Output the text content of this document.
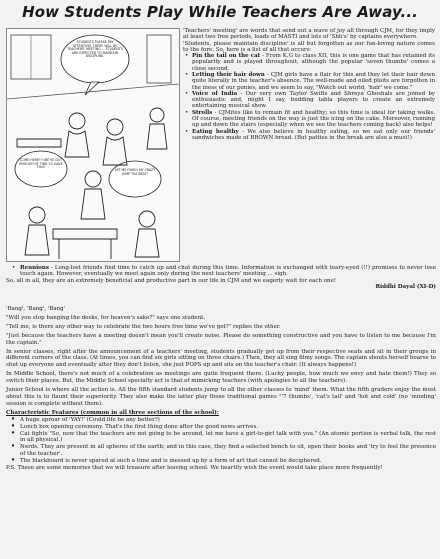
How Students Play While Teachers Are Away...
STUDENTS PLEASE PAY ATTENTION. THERE WILL BE TEACHERS' MEETING ... STUDENTS ARE EXPECTED TO MAINTAIN DISCIPLINE.
COME HERE!!! WE'VE GOT ENOUGH OF TIME TO HAVE FUN!
LET ME FINISH MY CRAZY JUMP THE BEAT!

'Teachers' meeting' are words that send out a wave of joy all through CJM, for they imply at least two free periods, loads of MASTI and lots of 'Shh's' by captains everywhere.

'Students, please maintain discipline' is all but forgotten as our fun-loving nature comes to the fore. So, here is a list of all that occurs:

• Pin the tail on the cat - From K.G to class XII, this is one game that has retained its popularity and is played throughout, although the popular 'seven thumbs' comes a close second.
• Letting their hair down - CJM girls have a flair for this and they let their hair down quite literally in the teacher's absence. The well-made and oiled plaits are forgotten in the mess of our ponies, and we seem to say, "Watch out world, 'hair' we come."
• Voice of India - Our very own Taylor Swifts and Shreya Ghoshals are joined by enthusiastic and, might I say, budding tabla players to create an extremely entertaining musical show.
• Strolls - CJMites like to remain fit and healthy; so this time is ideal for taking walks. Of course, meeting friends on the way is just the icing on the cake. Moreover, running up and down the stairs (especially when we see the teachers coming back) also helps!
• Eating healthy - We also believe in healthy eating, so we eat only our friends' sandwiches made of BROWN bread. (But patties in the break are also a must!)
• Reunions - Long-lost friends find time to catch up and chat during this time. Information is exchanged with teary-eyed (!!) promises to never lose touch again. However, eventually we meet again only during the next teachers' meeting ... sigh.

So, all in all, they are an extremely beneficial and productive part in our life in CJM and we eagerly wait for each one!

Riddhi Dayal (XI-D)

'Bang', 'Bang', 'Bang'

"Will you stop banging the desks, for heaven's sake?" says one student.

"Tell me, is there any other way to celebrate the two hours free time we've got?" replies the other.

"Just because the teachers have a meeting doesn't mean you'll create noise. Please do something constructive and you have to listen to me because I'm the captain."

In senior classes, right after the announcement of a teachers' meeting, students gradually get up from their respective seats and sit in their groups in different corners of the class. (At times, you can find six girls sitting on three chairs.) Then, they all sing filmy songs. The captain shouts herself hoarse to shut up everyone and eventually after they don't listen, she just POPS up and sits on the teacher's chair. (It always happens!)

In Middle School, there's not much of a celebration as meetings are quite frequent there. (Lucky people, how much we envy and hate them!) They so switch their places. But, the Middle School specialty act is that of mimicking teachers (with apologies to all the teachers).

Junior School is where all the action is. All the fifth standard students jump to all the other classes to 'mind' them. What the fifth graders enjoy the most about this is to flaunt their superiority. They also make the latter play those traditional games "'7 thumbs', 'cat's tail' and 'hot and cold' (no 'minding' session is complete without them).

Characteristic Features (common in all three sections of the school):

♦ A huge uproar of 'YAY!' (Could life be any better?)
♦ Lunch box opening ceremony. That's the first thing done after the good news arrives.
♦ Cat fights "So, now that the teachers are not going to be around, let me have a girl-to-girl talk with you." (An atomic portion is verbal talk, the rest in all physical.)
♦ Nerds. They are present in all spheres of the earth; and in this case, they find a selected bench to sit, open their books and 'try to feel the presence of the teacher'.
♦ The blackboard is never spared at such a time and is messed up by a form of art that cannot be deciphered.

P.S. These are some memories that we will treasure after leaving school. We heartily wish the event would take place more frequently!
